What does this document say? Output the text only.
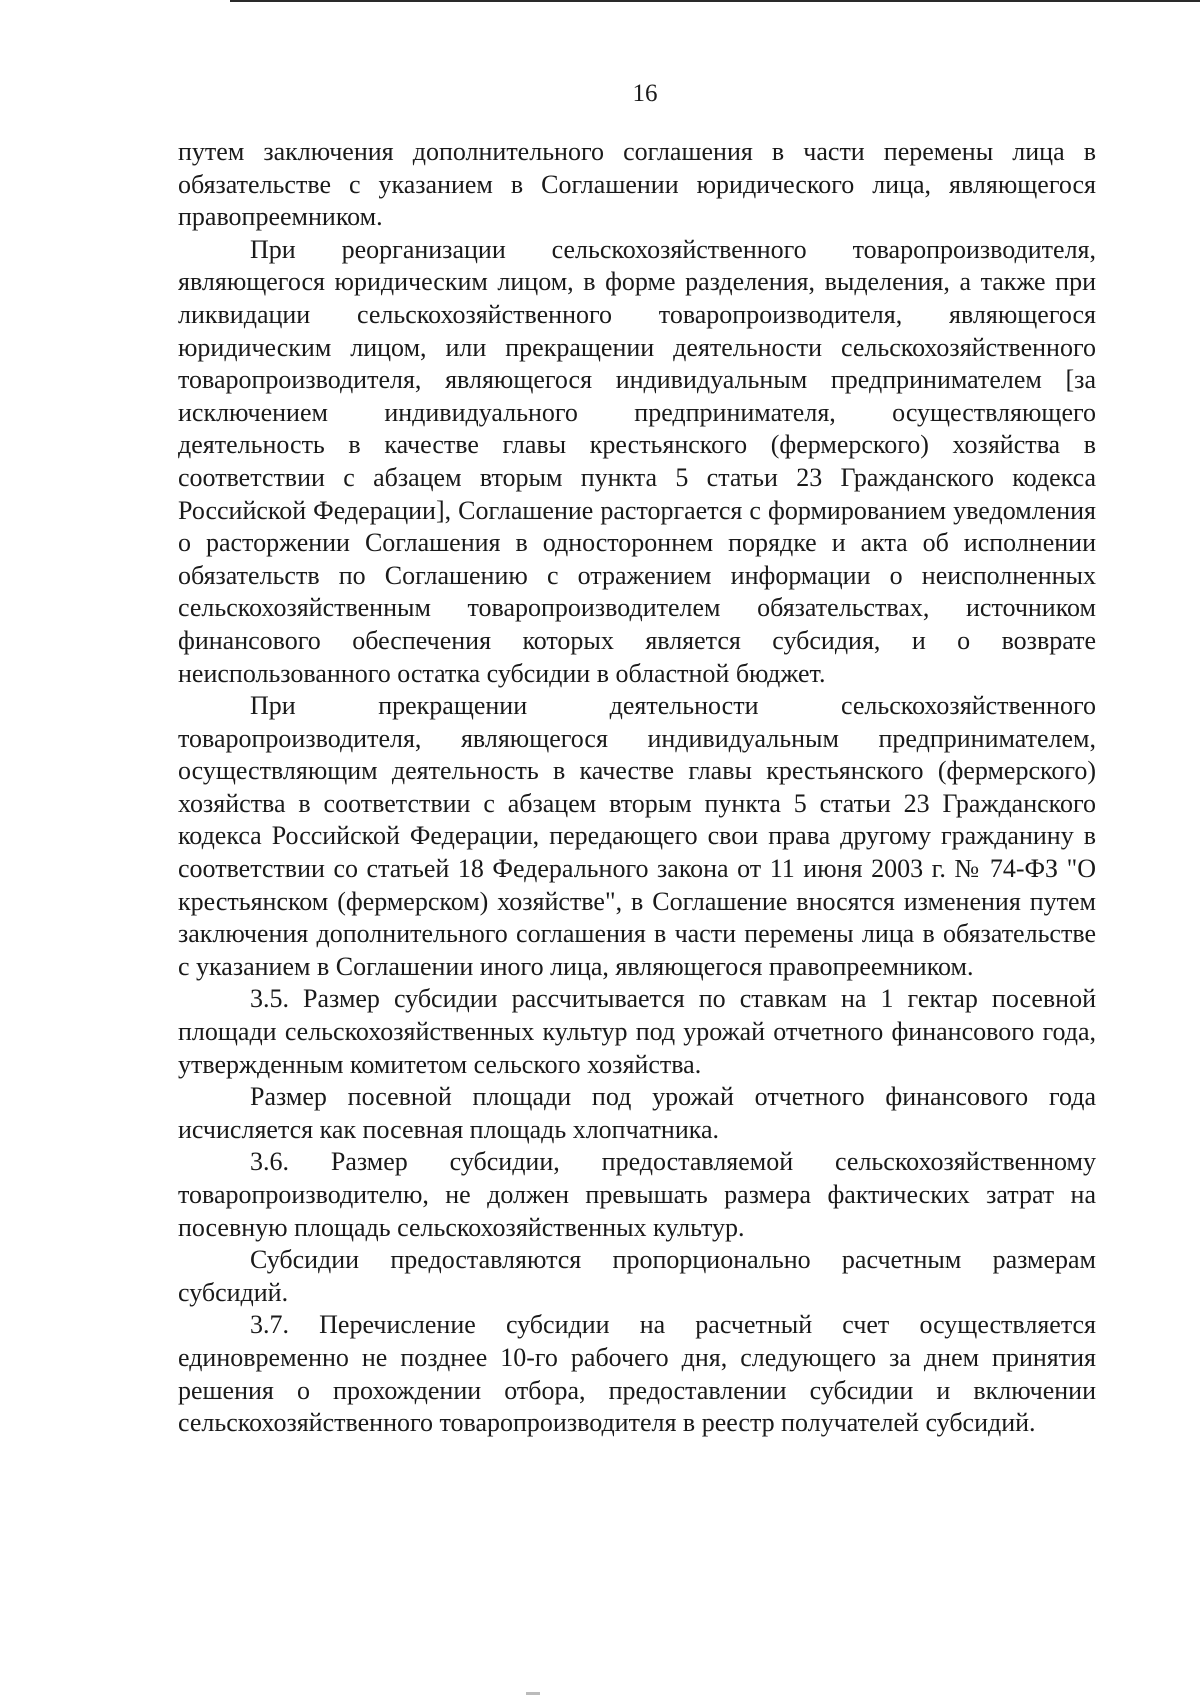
16

путем заключения дополнительного соглашения в части перемены лица в обязательстве с указанием в Соглашении юридического лица, являющегося правопреемником.

При реорганизации сельскохозяйственного товаропроизводителя, являющегося юридическим лицом, в форме разделения, выделения, а также при ликвидации сельскохозяйственного товаропроизводителя, являющегося юридическим лицом, или прекращении деятельности сельскохозяйственного товаропроизводителя, являющегося индивидуальным предпринимателем [за исключением индивидуального предпринимателя, осуществляющего деятельность в качестве главы крестьянского (фермерского) хозяйства в соответствии с абзацем вторым пункта 5 статьи 23 Гражданского кодекса Российской Федерации], Соглашение расторгается с формированием уведомления о расторжении Соглашения в одностороннем порядке и акта об исполнении обязательств по Соглашению с отражением информации о неисполненных сельскохозяйственным товаропроизводителем обязательствах, источником финансового обеспечения которых является субсидия, и о возврате неиспользованного остатка субсидии в областной бюджет.

При прекращении деятельности сельскохозяйственного товаропроизводителя, являющегося индивидуальным предпринимателем, осуществляющим деятельность в качестве главы крестьянского (фермерского) хозяйства в соответствии с абзацем вторым пункта 5 статьи 23 Гражданского кодекса Российской Федерации, передающего свои права другому гражданину в соответствии со статьей 18 Федерального закона от 11 июня 2003 г. № 74-ФЗ "О крестьянском (фермерском) хозяйстве", в Соглашение вносятся изменения путем заключения дополнительного соглашения в части перемены лица в обязательстве с указанием в Соглашении иного лица, являющегося правопреемником.

3.5. Размер субсидии рассчитывается по ставкам на 1 гектар посевной площади сельскохозяйственных культур под урожай отчетного финансового года, утвержденным комитетом сельского хозяйства.

Размер посевной площади под урожай отчетного финансового года исчисляется как посевная площадь хлопчатника.

3.6. Размер субсидии, предоставляемой сельскохозяйственному товаропроизводителю, не должен превышать размера фактических затрат на посевную площадь сельскохозяйственных культур.

Субсидии предоставляются пропорционально расчетным размерам субсидий.

3.7. Перечисление субсидии на расчетный счет осуществляется единовременно не позднее 10-го рабочего дня, следующего за днем принятия решения о прохождении отбора, предоставлении субсидии и включении сельскохозяйственного товаропроизводителя в реестр получателей субсидий.
